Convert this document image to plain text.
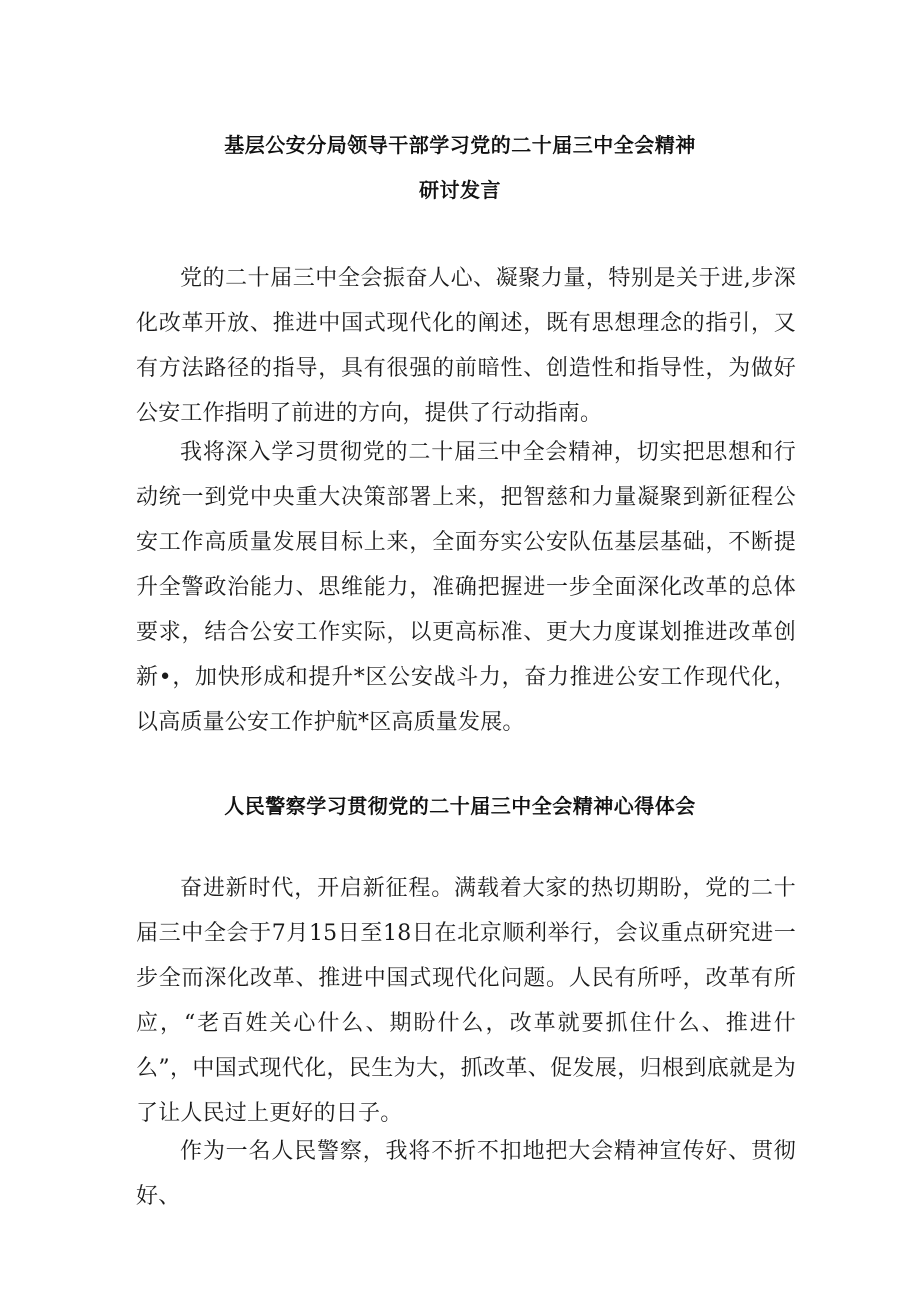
基层公安分局领导干部学习党的二十届三中全会精神
研讨发言

党的二十届三中全会振奋人心、凝聚力量，特别是关于进,步深化改革开放、推进中国式现代化的阐述，既有思想理念的指引，又有方法路径的指导，具有很强的前暗性、创造性和指导性，为做好公安工作指明了前进的方向，提供了行动指南。

我将深入学习贯彻党的二十届三中全会精神，切实把思想和行动统一到党中央重大决策部署上来，把智慈和力量凝聚到新征程公安工作高质量发展目标上来，全面夯实公安队伍基层基础，不断提升全警政治能力、思维能力，准确把握进一步全面深化改革的总体要求，结合公安工作实际，以更高标准、更大力度谋划推进改革创新•，加快形成和提升*区公安战斗力，奋力推进公安工作现代化，以高质量公安工作护航*区高质量发展。

人民警察学习贯彻党的二十届三中全会精神心得体会

奋进新时代，开启新征程。满载着大家的热切期盼，党的二十届三中全会于7月15日至18日在北京顺利举行，会议重点研究进一步全而深化改革、推进中国式现代化问题。人民有所呼，改革有所应，“老百姓关心什么、期盼什么，改革就要抓住什么、推进什么”，中国式现代化，民生为大，抓改革、促发展，归根到底就是为了让人民过上更好的日子。

作为一名人民警察，我将不折不扣地把大会精神宣传好、贯彻好、
